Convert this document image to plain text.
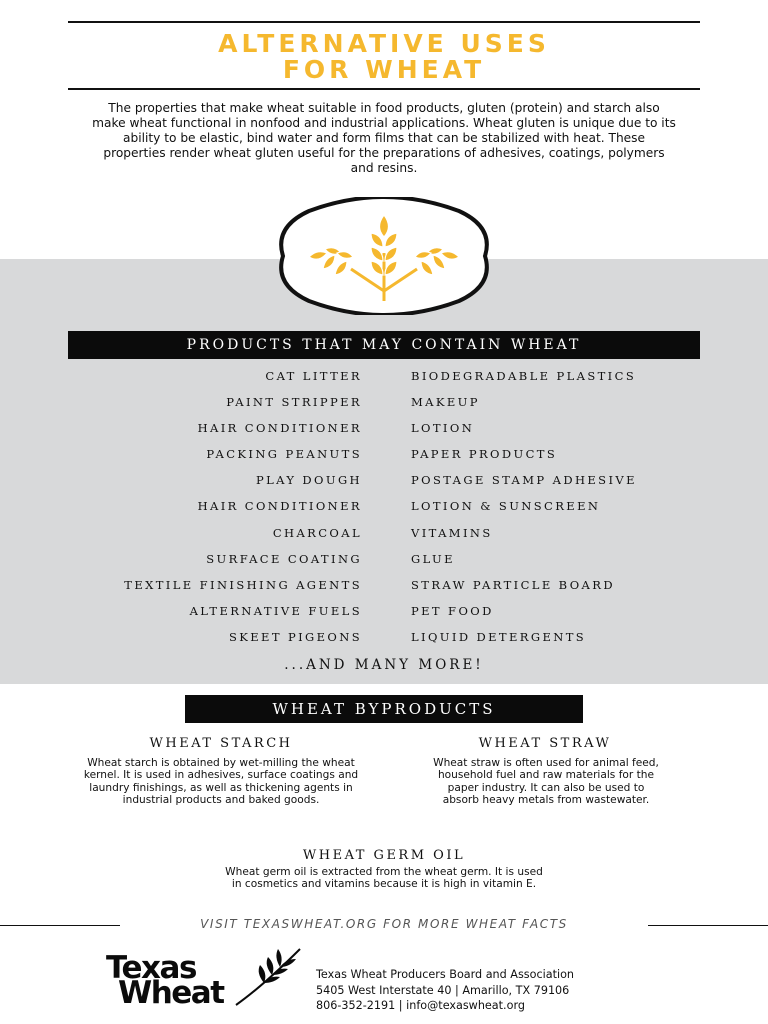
ALTERNATIVE USES
FOR WHEAT

The properties that make wheat suitable in food products, gluten (protein) and starch also make wheat functional in nonfood and industrial applications. Wheat gluten is unique due to its ability to be elastic, bind water and form films that can be stabilized with heat. These properties render wheat gluten useful for the preparations of adhesives, coatings, polymers and resins.

PRODUCTS THAT MAY CONTAIN WHEAT
CAT LITTER
PAINT STRIPPER
HAIR CONDITIONER
PACKING PEANUTS
PLAY DOUGH
HAIR CONDITIONER
CHARCOAL
SURFACE COATING
TEXTILE FINISHING AGENTS
ALTERNATIVE FUELS
SKEET PIGEONS
BIODEGRADABLE PLASTICS
MAKEUP
LOTION
PAPER PRODUCTS
POSTAGE STAMP ADHESIVE
LOTION & SUNSCREEN
VITAMINS
GLUE
STRAW PARTICLE BOARD
PET FOOD
LIQUID DETERGENTS
...AND MANY MORE!
WHEAT BYPRODUCTS
WHEAT STARCH

Wheat starch is obtained by wet-milling the wheat kernel. It is used in adhesives, surface coatings and laundry finishings, as well as thickening agents in industrial products and baked goods.

WHEAT STRAW

Wheat straw is often used for animal feed, household fuel and raw materials for the paper industry. It can also be used to absorb heavy metals from wastewater.

WHEAT GERM OIL

Wheat germ oil is extracted from the wheat germ. It is used in cosmetics and vitamins because it is high in vitamin E.

VISIT TEXASWHEAT.ORG FOR MORE WHEAT FACTS
Texas
Wheat
Texas Wheat Producers Board and Association
5405 West Interstate 40 | Amarillo, TX 79106
806-352-2191 | info@texaswheat.org
